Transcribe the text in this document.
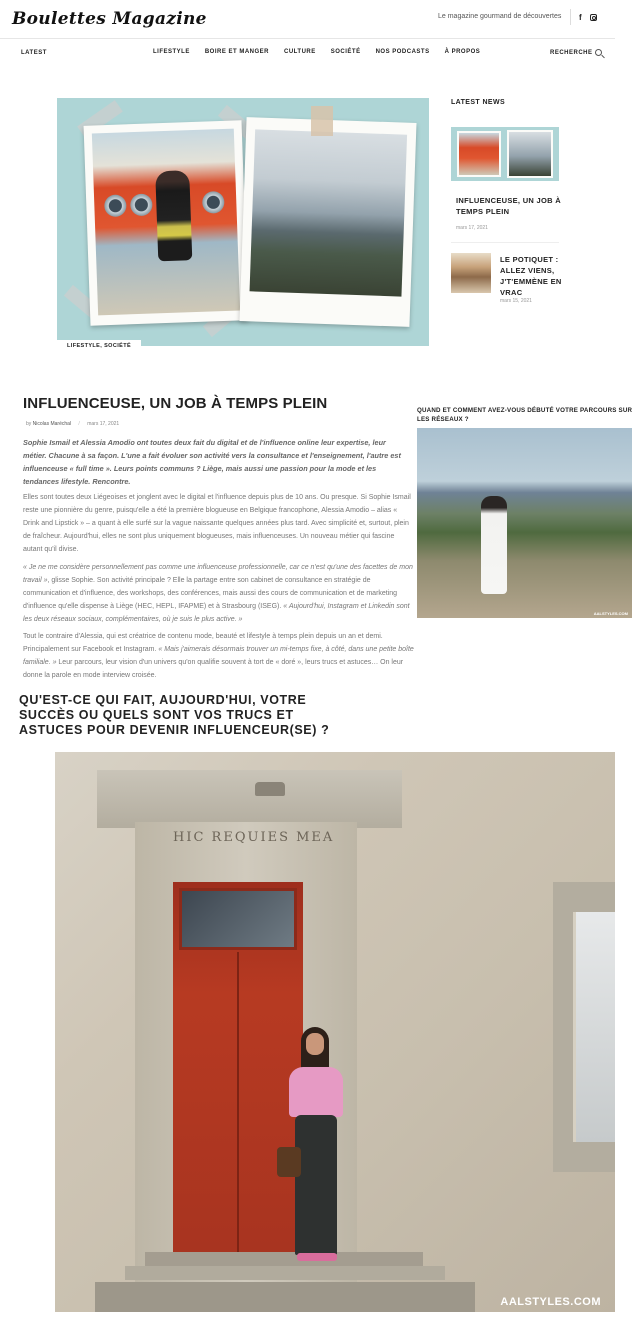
Boulettes Magazine	Le magazine gourmand de découvertes f
LATEST	LIFESTYLE	BOIRE ET MANGER	CULTURE	SOCIÉTÉ	NOS PODCASTS	À PROPOS	RECHERCHE
LIFESTYLE, SOCIÉTÉ
LATEST NEWS
INFLUENCEUSE, UN JOB À TEMPS PLEIN
mars 17, 2021
LE POTIQUET : ALLEZ VIENS, J'T'EMMÈNE EN VRAC
mars 15, 2021
INFLUENCEUSE, UN JOB À TEMPS PLEIN
by Nicolas Maréchal / mars 17, 2021

Sophie Ismail et Alessia Amodio ont toutes deux fait du digital et de l'influence online leur expertise, leur métier. Chacune à sa façon. L'une a fait évoluer son activité vers la consultance et l'enseignement, l'autre est influenceuse « full time ». Leurs points communs ? Liège, mais aussi une passion pour la mode et les tendances lifestyle. Rencontre.

Elles sont toutes deux Liégeoises et jonglent avec le digital et l'influence depuis plus de 10 ans. Ou presque. Si Sophie Ismail reste une pionnière du genre, puisqu'elle a été la première blogueuse en Belgique francophone, Alessia Amodio – alias « Drink and Lipstick » – a quant à elle surfé sur la vague naissante quelques années plus tard. Avec simplicité et, surtout, plein de fraîcheur. Aujourd'hui, elles ne sont plus uniquement blogueuses, mais influenceuses. Un nouveau métier qui fascine autant qu'il divise.

« Je ne me considère personnellement pas comme une influenceuse professionnelle, car ce n'est qu'une des facettes de mon travail », glisse Sophie. Son activité principale ? Elle la partage entre son cabinet de consultance en stratégie de communication et d'influence, des workshops, des conférences, mais aussi des cours de communication et de marketing d'influence qu'elle dispense à Liège (HEC, HEPL, IFAPME) et à Strasbourg (ISEG). « Aujourd'hui, Instagram et Linkedin sont les deux réseaux sociaux, complémentaires, où je suis le plus active. »

Tout le contraire d'Alessia, qui est créatrice de contenu mode, beauté et lifestyle à temps plein depuis un an et demi. Principalement sur Facebook et Instagram. « Mais j'aimerais désormais trouver un mi-temps fixe, à côté, dans une petite boîte familiale. » Leur parcours, leur vision d'un univers qu'on qualifie souvent à tort de « doré », leurs trucs et astuces… On leur donne la parole en mode interview croisée.

QUAND ET COMMENT AVEZ-VOUS DÉBUTÉ VOTRE PARCOURS SUR LES RÉSEAUX ?
AALSTYLES.COM
QU'EST-CE QUI FAIT, AUJOURD'HUI, VOTRE SUCCÈS OU QUELS SONT VOS TRUCS ET ASTUCES POUR DEVENIR INFLUENCEUR(SE) ?
HIC REQUIES MEA
AALSTYLES.COM
